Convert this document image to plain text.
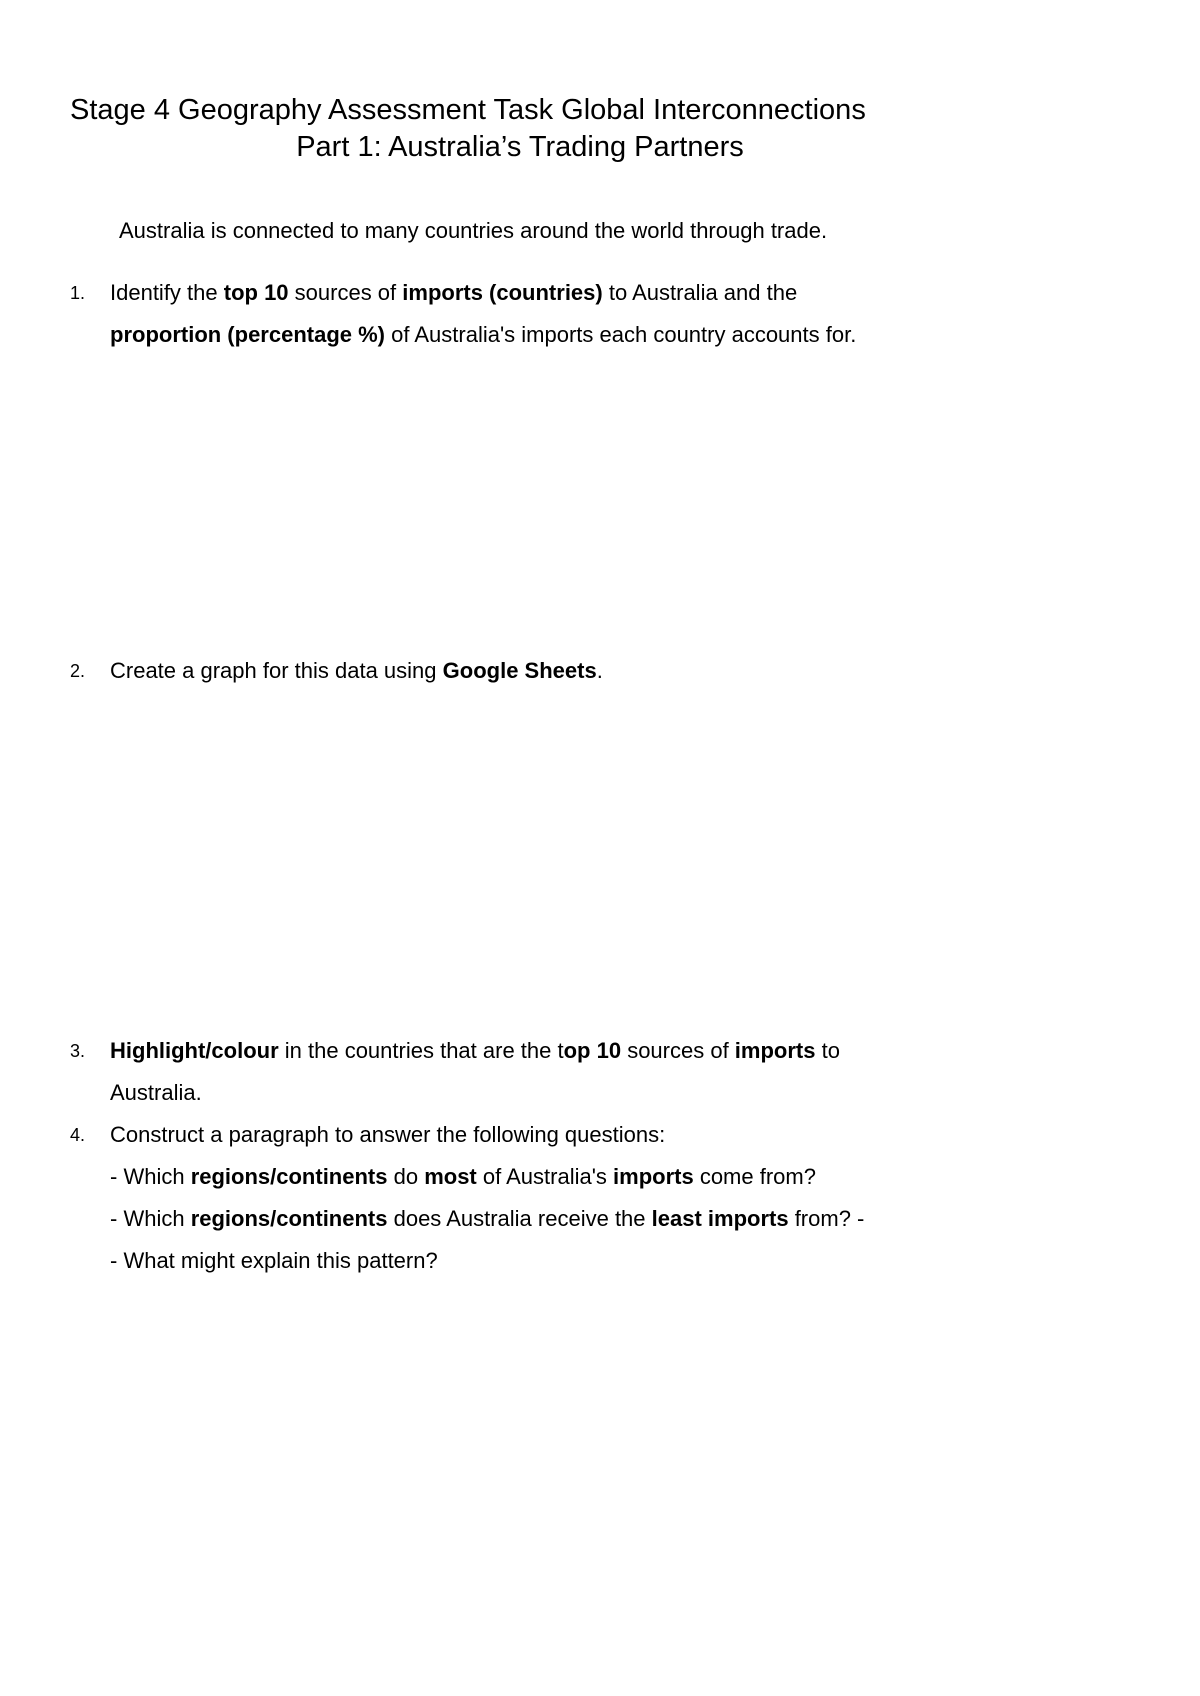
Stage 4 Geography Assessment Task Global Interconnections
Part 1: Australia’s Trading Partners
Australia is connected to many countries around the world through trade.
1.	Identify the top 10 sources of imports (countries) to Australia and the
proportion (percentage %) of Australia's imports each country accounts for.
2.	Create a graph for this data using Google Sheets.
3.	Highlight/colour in the countries that are the top 10 sources of imports to
Australia.
4.	Construct a paragraph to answer the following questions:
- Which regions/continents do most of Australia's imports come from?
- Which regions/continents does Australia receive the least imports from? -
- What might explain this pattern?
